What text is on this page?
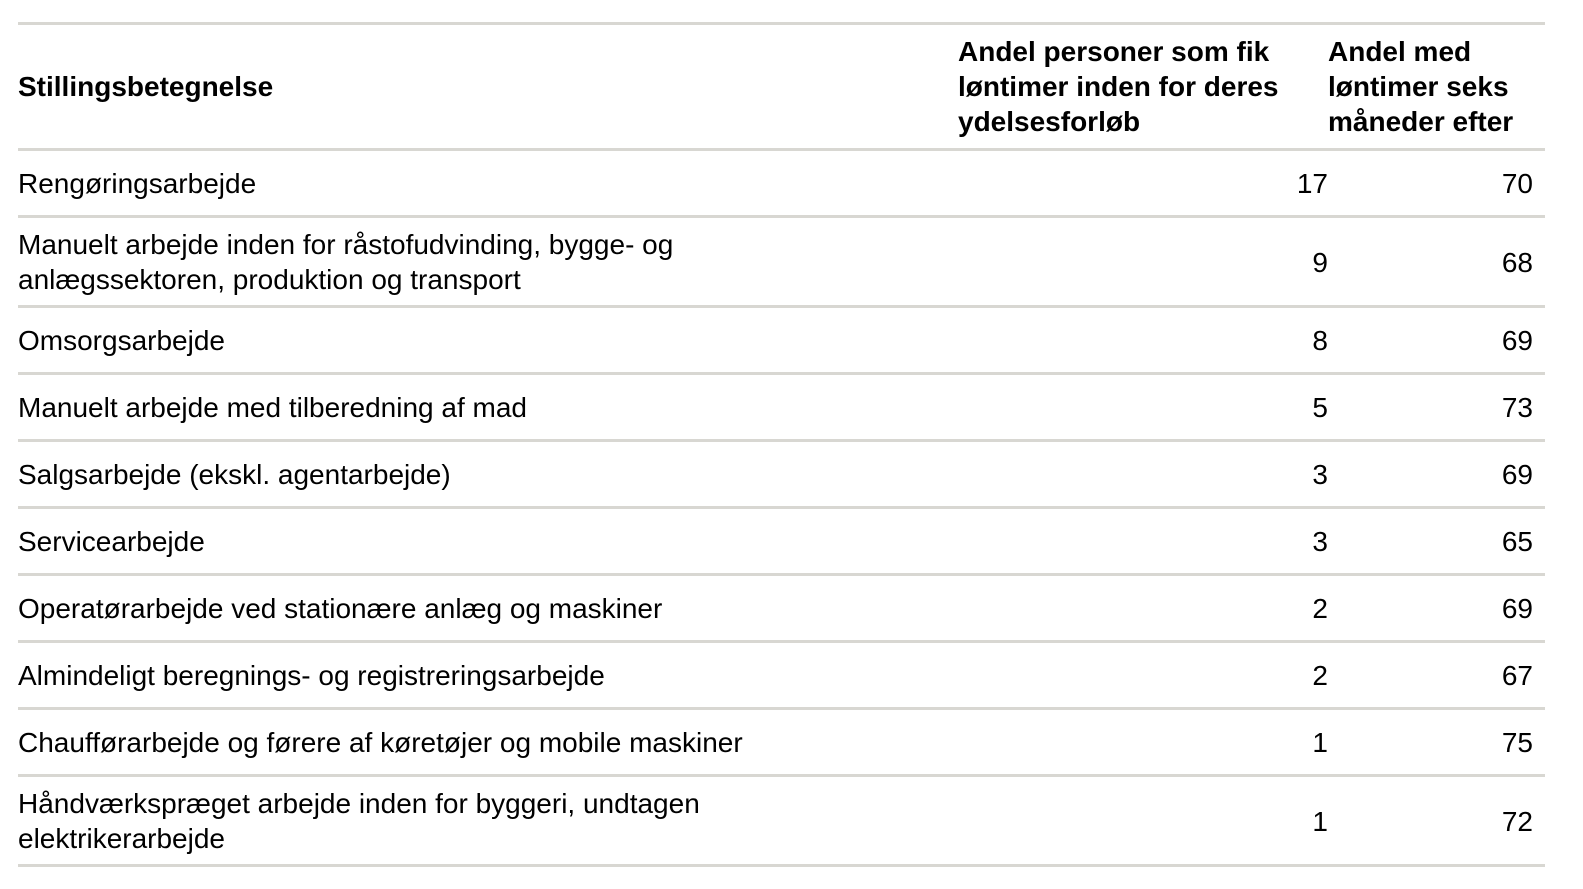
Stillingsbetegnelse	Andel personer som fik løntimer inden for deres ydelsesforløb	Andel med løntimer seks måneder efter
Rengøringsarbejde	17	70

Manuelt arbejde inden for råstofudvinding, bygge- og anlægssektoren, produktion og transport	9	68
Omsorgsarbejde	8	69
Manuelt arbejde med tilberedning af mad	5	73
Salgsarbejde (ekskl. agentarbejde)	3	69
Servicearbejde	3	65
Operatørarbejde ved stationære anlæg og maskiner	2	69
Almindeligt beregnings- og registreringsarbejde	2	67
Chaufførarbejde og førere af køretøjer og mobile maskiner	1	75

Håndværkspræget arbejde inden for byggeri, undtagen elektrikerarbejde	1	72
